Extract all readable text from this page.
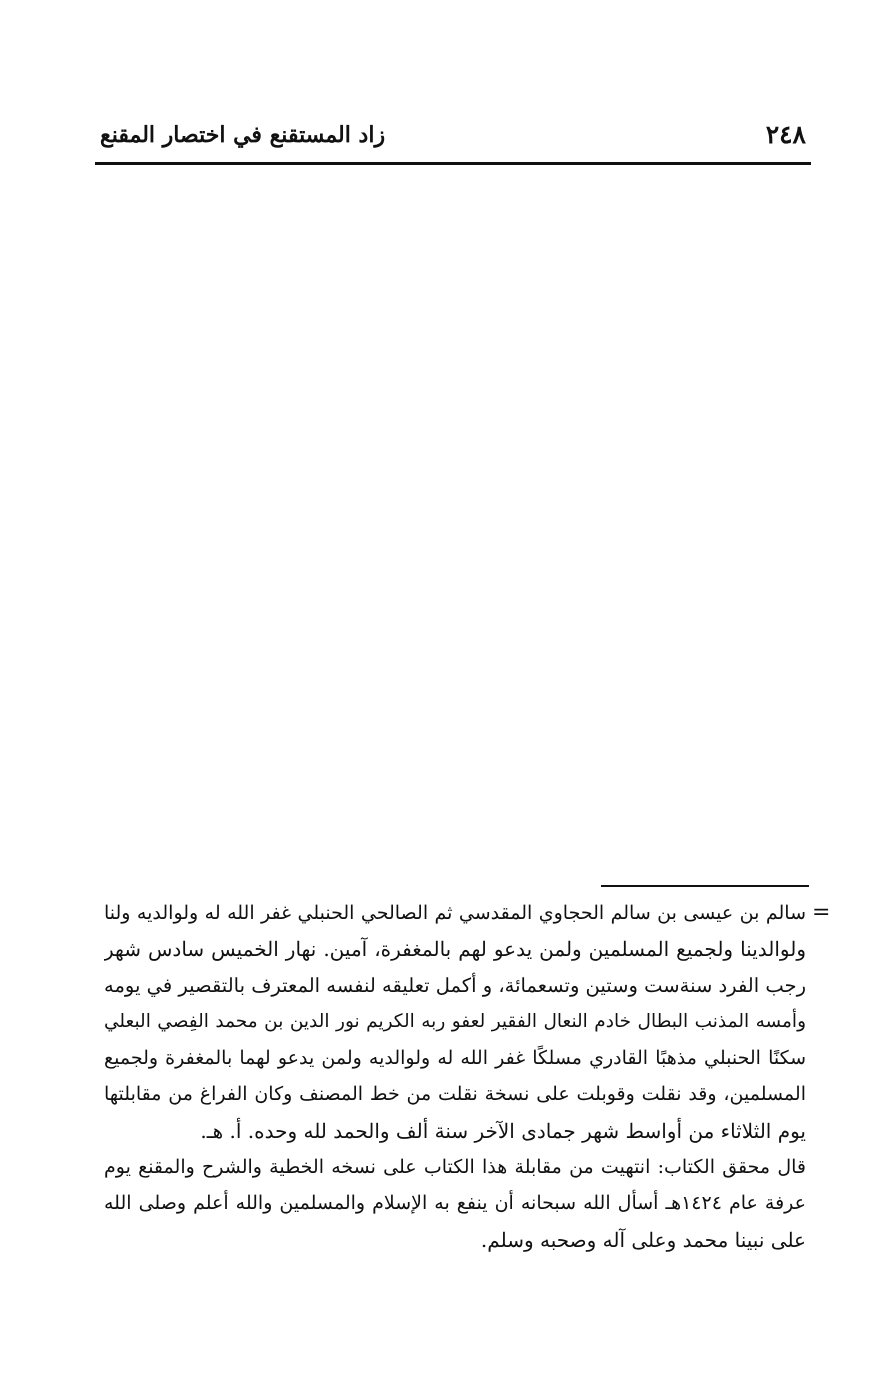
٢٤٨
زاد المستقنع في اختصار المقنع
=
سالم بن عيسى بن سالم الحجاوي المقدسي ثم الصالحي الحنبلي غفر الله له ولوالديه ولنا
ولوالدينا ولجميع المسلمين ولمن يدعو لهم بالمغفرة، آمين. نهار الخميس سادس شهر
رجب الفرد سنةست وستين وتسعمائة، و أكمل تعليقه لنفسه المعترف بالتقصير في يومه
وأمسه المذنب البطال خادم النعال الفقير لعفو ربه الكريم نور الدين بن محمد الفِصي البعلي
سكنًا الحنبلي مذهبًا القادري مسلكًا غفر الله له ولوالديه ولمن يدعو لهما بالمغفرة ولجميع
المسلمين، وقد نقلت وقوبلت على نسخة نقلت من خط المصنف وكان الفراغ من مقابلتها
يوم الثلاثاء من أواسط شهر جمادى الآخر سنة ألف والحمد لله وحده. أ. هـ.
قال محقق الكتاب: انتهيت من مقابلة هذا الكتاب على نسخه الخطية والشرح والمقنع يوم
عرفة عام ١٤٢٤هـ أسأل الله سبحانه أن ينفع به الإسلام والمسلمين والله أعلم وصلى الله
على نبينا محمد وعلى آله وصحبه وسلم.
